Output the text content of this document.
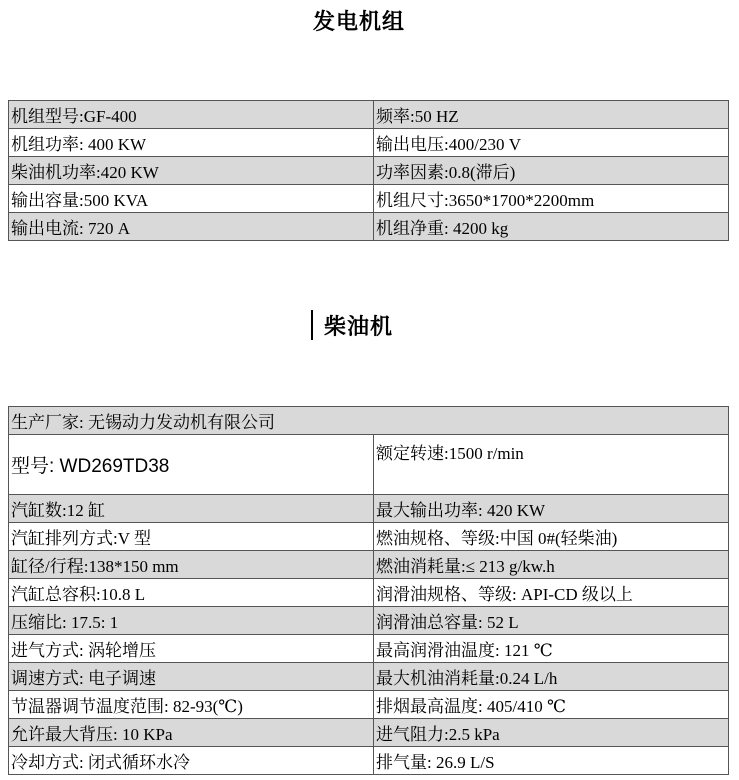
发电机组
机组型号:GF-400	频率:50 HZ
机组功率: 400 KW	输出电压:400/230 V
柴油机功率:420 KW	功率因素:0.8(滞后)
输出容量:500 KVA	机组尺寸:3650*1700*2200mm
输出电流: 720 A	机组净重: 4200 kg
柴油机
生产厂家: 无锡动力发动机有限公司	
型号: WD269TD38	额定转速:1500 r/min
汽缸数:12 缸	最大输出功率: 420 KW
汽缸排列方式:V 型	燃油规格、等级:中国 0#(轻柴油)
缸径/行程:138*150 mm	燃油消耗量:≤ 213 g/kw.h
汽缸总容积:10.8 L	润滑油规格、等级: API-CD 级以上
压缩比: 17.5: 1	润滑油总容量: 52 L
进气方式: 涡轮增压	最高润滑油温度: 121 ℃
调速方式: 电子调速	最大机油消耗量:0.24 L/h
节温器调节温度范围: 82-93(℃)	排烟最高温度: 405/410 ℃
允许最大背压: 10 KPa	进气阻力:2.5 kPa
冷却方式: 闭式循环水冷	排气量: 26.9 L/S
